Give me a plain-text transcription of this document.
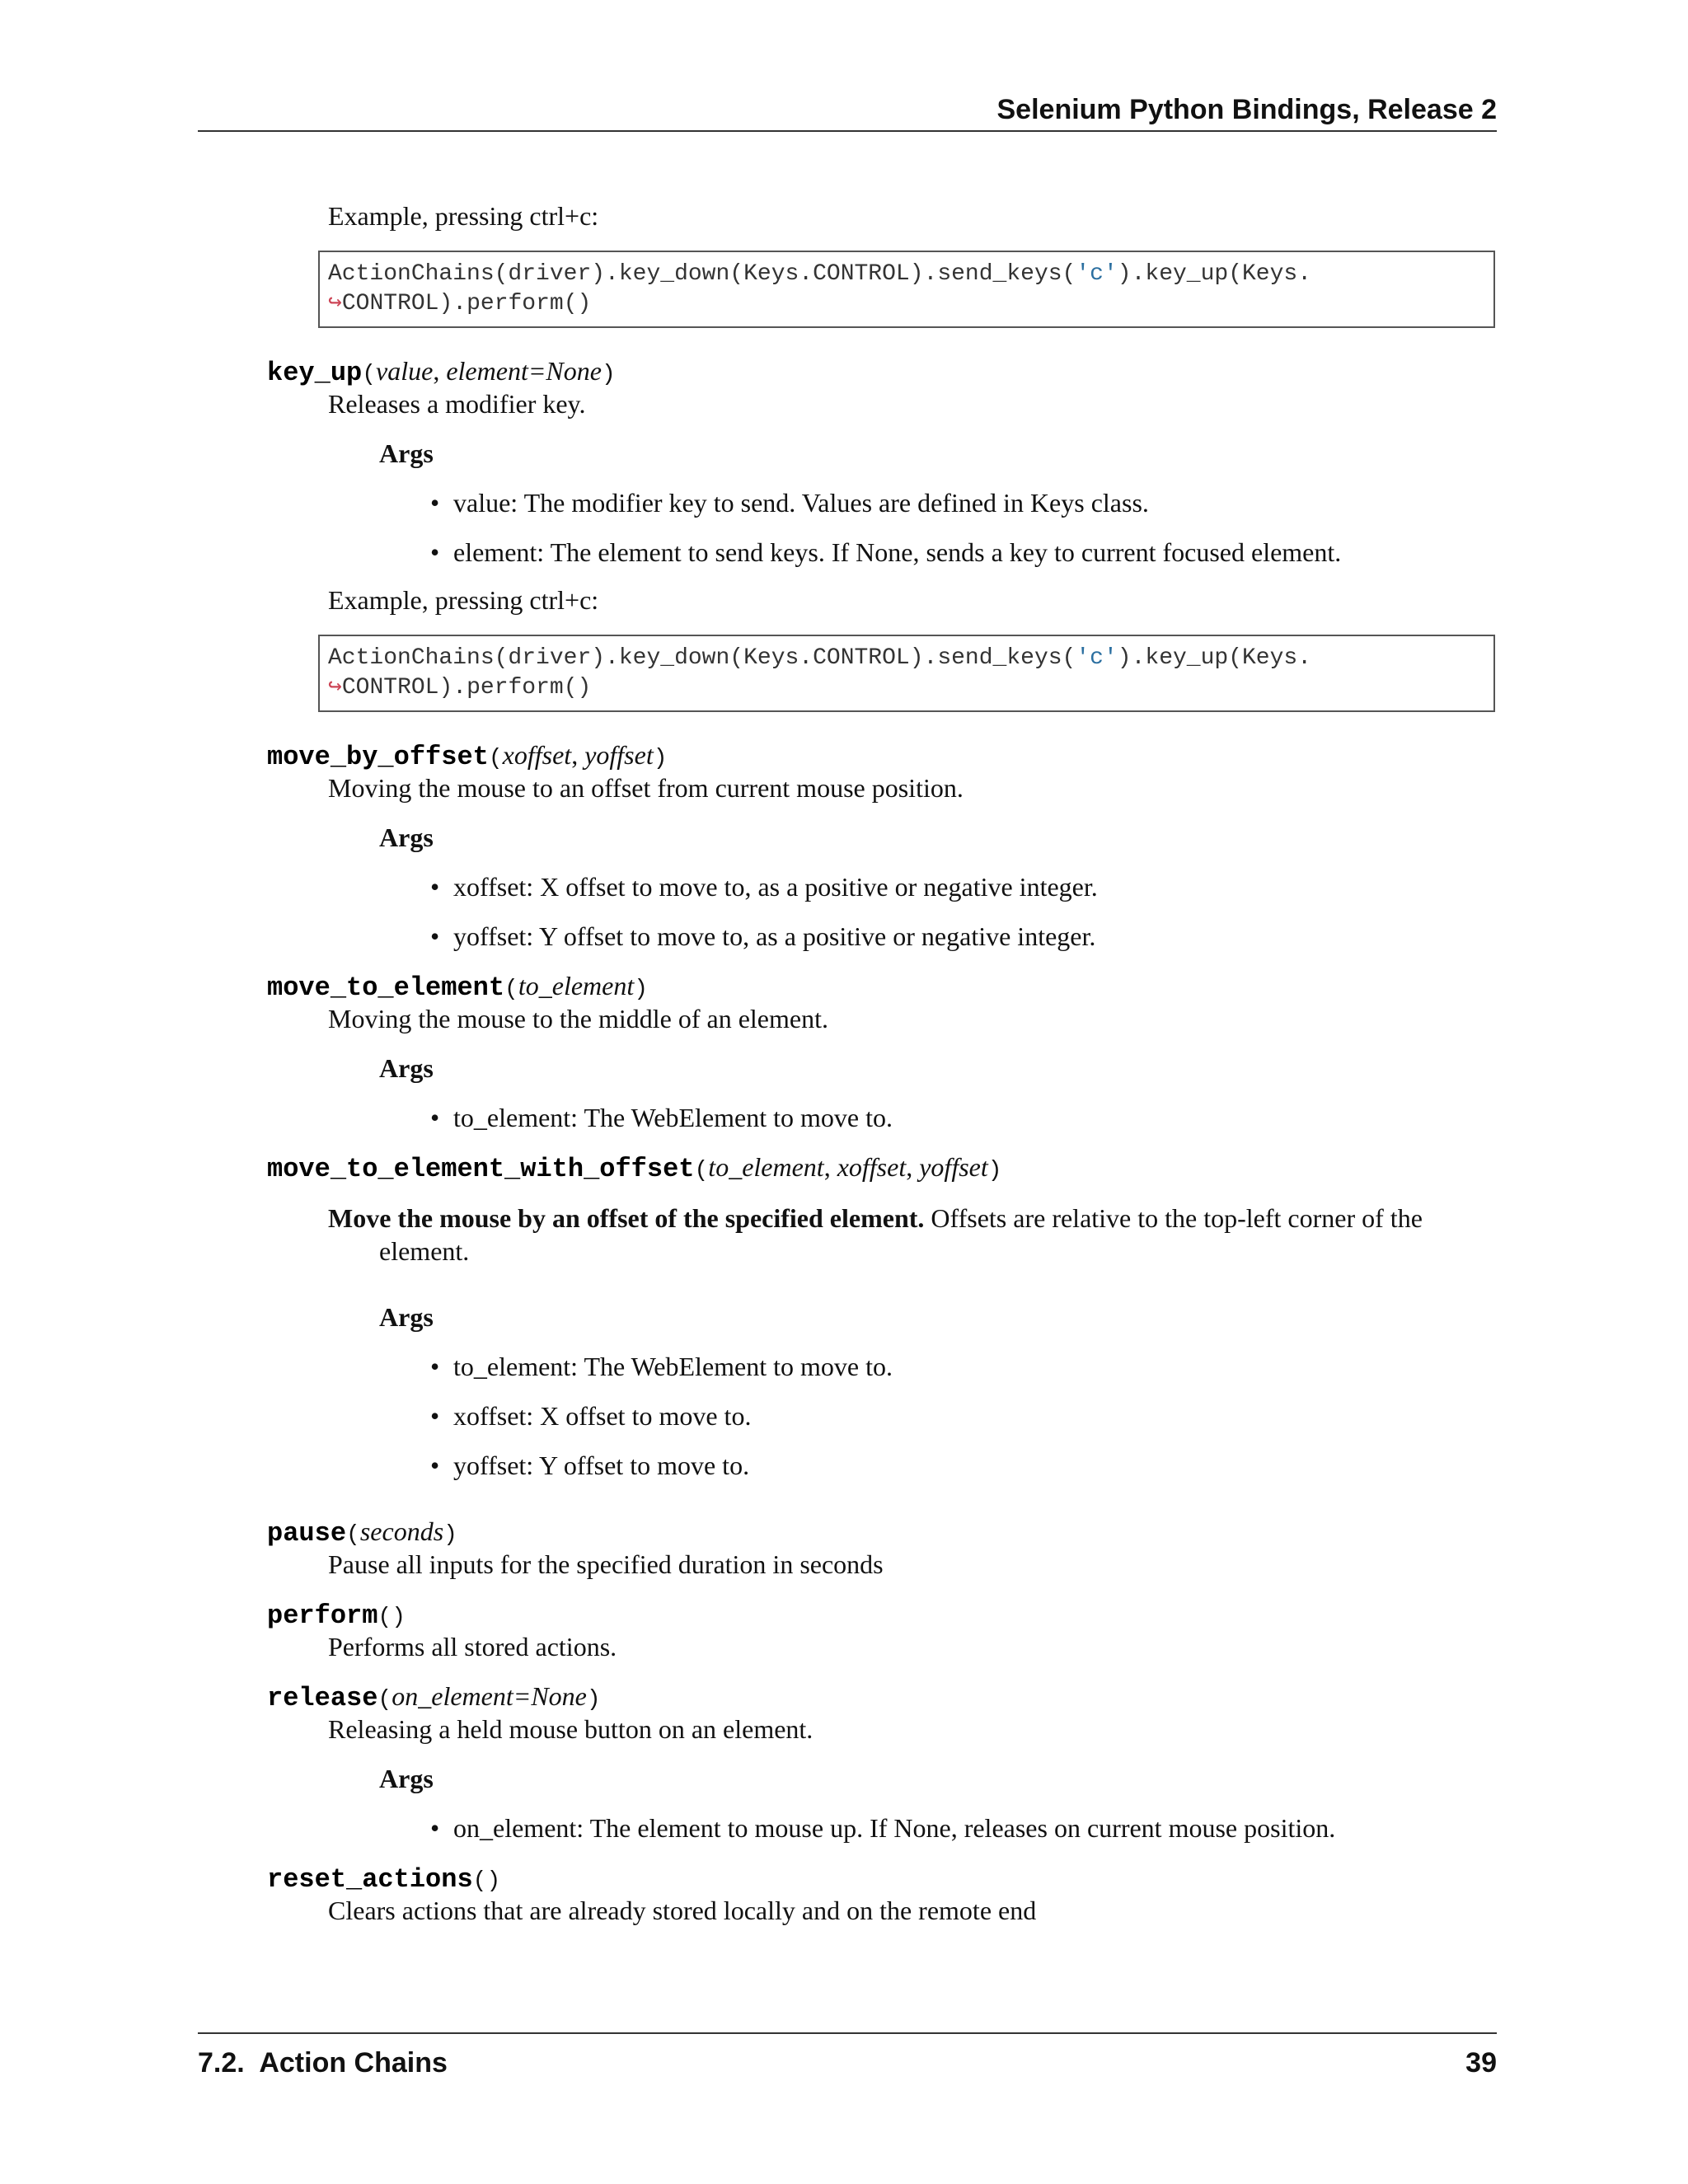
Selenium Python Bindings, Release 2
Example, pressing ctrl+c:
ActionChains(driver).key_down(Keys.CONTROL).send_keys('c').key_up(Keys.
↪CONTROL).perform()
key_up(value, element=None)
Releases a modifier key.
Args
• value: The modifier key to send. Values are defined in Keys class.
• element: The element to send keys. If None, sends a key to current focused element.
Example, pressing ctrl+c:
ActionChains(driver).key_down(Keys.CONTROL).send_keys('c').key_up(Keys.
↪CONTROL).perform()
move_by_offset(xoffset, yoffset)
Moving the mouse to an offset from current mouse position.
Args
• xoffset: X offset to move to, as a positive or negative integer.
• yoffset: Y offset to move to, as a positive or negative integer.
move_to_element(to_element)
Moving the mouse to the middle of an element.
Args
• to_element: The WebElement to move to.
move_to_element_with_offset(to_element, xoffset, yoffset)
Move the mouse by an offset of the specified element. Offsets are relative to the top-left corner of the
element.
Args
• to_element: The WebElement to move to.
• xoffset: X offset to move to.
• yoffset: Y offset to move to.
pause(seconds)
Pause all inputs for the specified duration in seconds
perform()
Performs all stored actions.
release(on_element=None)
Releasing a held mouse button on an element.
Args
• on_element: The element to mouse up. If None, releases on current mouse position.
reset_actions()
Clears actions that are already stored locally and on the remote end
7.2.  Action Chains	39
